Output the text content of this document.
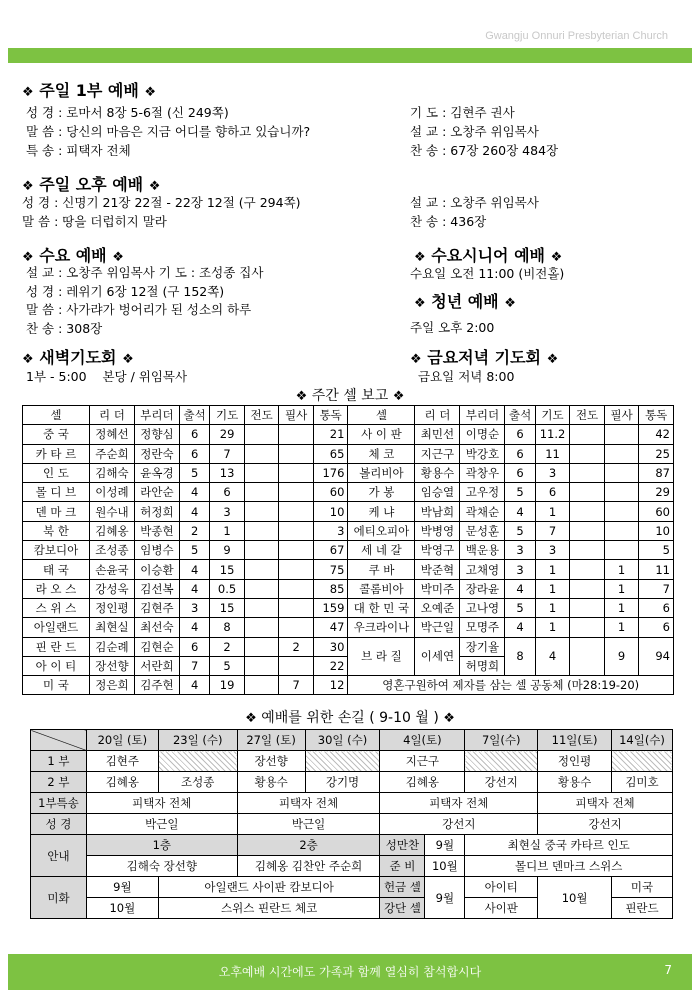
Gwangju Onnuri Presbyterian Church
❖ 주일 1부 예배 ❖
성 경 : 로마서 8장 5-6절 (신 249쪽)
말 씀 : 당신의 마음은 지금 어디를 향하고 있습니까?
특 송 : 피택자 전체
기 도 : 김현주 권사
설 교 : 오창주 위임목사
찬 송 : 67장 260장 484장
❖ 주일 오후 예배 ❖
성 경 : 신명기 21장 22절 - 22장 12절 (구 294쪽)
말 씀 : 땅을 더럽히지 말라
설 교 : 오창주 위임목사
찬 송 : 436장
❖ 수요 예배 ❖
설 교 : 오창주 위임목사 기 도 : 조성종 집사
성 경 : 레위기 6장 12절 (구 152쪽)
말 씀 : 사가랴가 벙어리가 된 성소의 하루
찬 송 : 308장
❖ 수요시니어 예배 ❖
수요일 오전 11:00 (비전홀)
❖ 청년 예배 ❖
주일 오후 2:00
❖ 새벽기도회 ❖
1부 - 5:00    본당 / 위임목사
❖ 금요저녁 기도회 ❖
금요일 저녁 8:00
❖ 주간 셀 보고 ❖
셀	리 더	부리더	출석	기도	전도	필사	통독	셀	리 더	부리더	출석	기도	전도	필사	통독
중 국	정혜선	정향심	6	29			21	사 이 판	최민선	이명순	6	11.2			42
카 타 르	주순희	정란숙	6	7			65	체 코	지근구	박강호	6	11			25
인 도	김해숙	윤옥경	5	13			176	볼리비아	황용수	곽창우	6	3			87
몰 디 브	이성례	라안순	4	6			60	가 봉	임승열	고우정	5	6			29
덴 마 크	원수내	허정희	4	3			10	케 냐	박남희	곽채순	4	1			60
북 한	김혜옹	박종현	2	1			3	에티오피아	박병영	문성훈	5	7			10
캄보디아	조성종	임병수	5	9			67	세 네 갈	박영구	백운용	3	3			5
태 국	손윤국	이승환	4	15			75	쿠 바	박준혁	고채영	3	1		1	11
라 오 스	강성욱	김선복	4	0.5			85	콜롬비아	박미주	장라윤	4	1		1	7
스 위 스	정인평	김현주	3	15			159	대 한 민 국	오예준	고나영	5	1		1	6
아일랜드	최현실	최선숙	4	8			47	우크라이나	박근일	모명주	4	1		1	6
핀 란 드	김순례	김현순	6	2		2	30	브 라 질	이세연	장기율	8	4		9	94
아 이 티	장선향	서란희	7	5			22			허명희					
미 국	정은희	김주현	4	19		7	12	영혼구원하여 제자를 삼는 셀 공동체 (마28:19-20)							
❖ 예배를 위한 손길 ( 9-10 월 ) ❖
	20일 (토)	23일 (수)	27일 (토)	30일 (수)	4일(토)		7일(수)	11일(토)	14일(수)
1 부	김현주		장선향		지근구			정인평	
2 부	김혜옹	조성종	황용수	강기명	김혜옹		강선지	황용수	김미호
1부특송	피택자 전체		피택자 전체		피택자 전체			피택자 전체	
성 경	박근일		박근일		강선지			강선지	
안내	1층		2층		성만찬	9월	최현실 중국 카타르 인도		
	김해숙 장선향		김혜옹 김찬안 주순희		준 비	10월	몰디브 덴마크 스위스		
미화	9월	아일랜드 사이판 캄보디아			헌금 셀	9월	아이티	10월	미국
	10월	스위스 핀란드 체코			강단 셀		사이판		핀란드
오후예배 시간에도 가족과 함께 열심히 참석합시다	7
